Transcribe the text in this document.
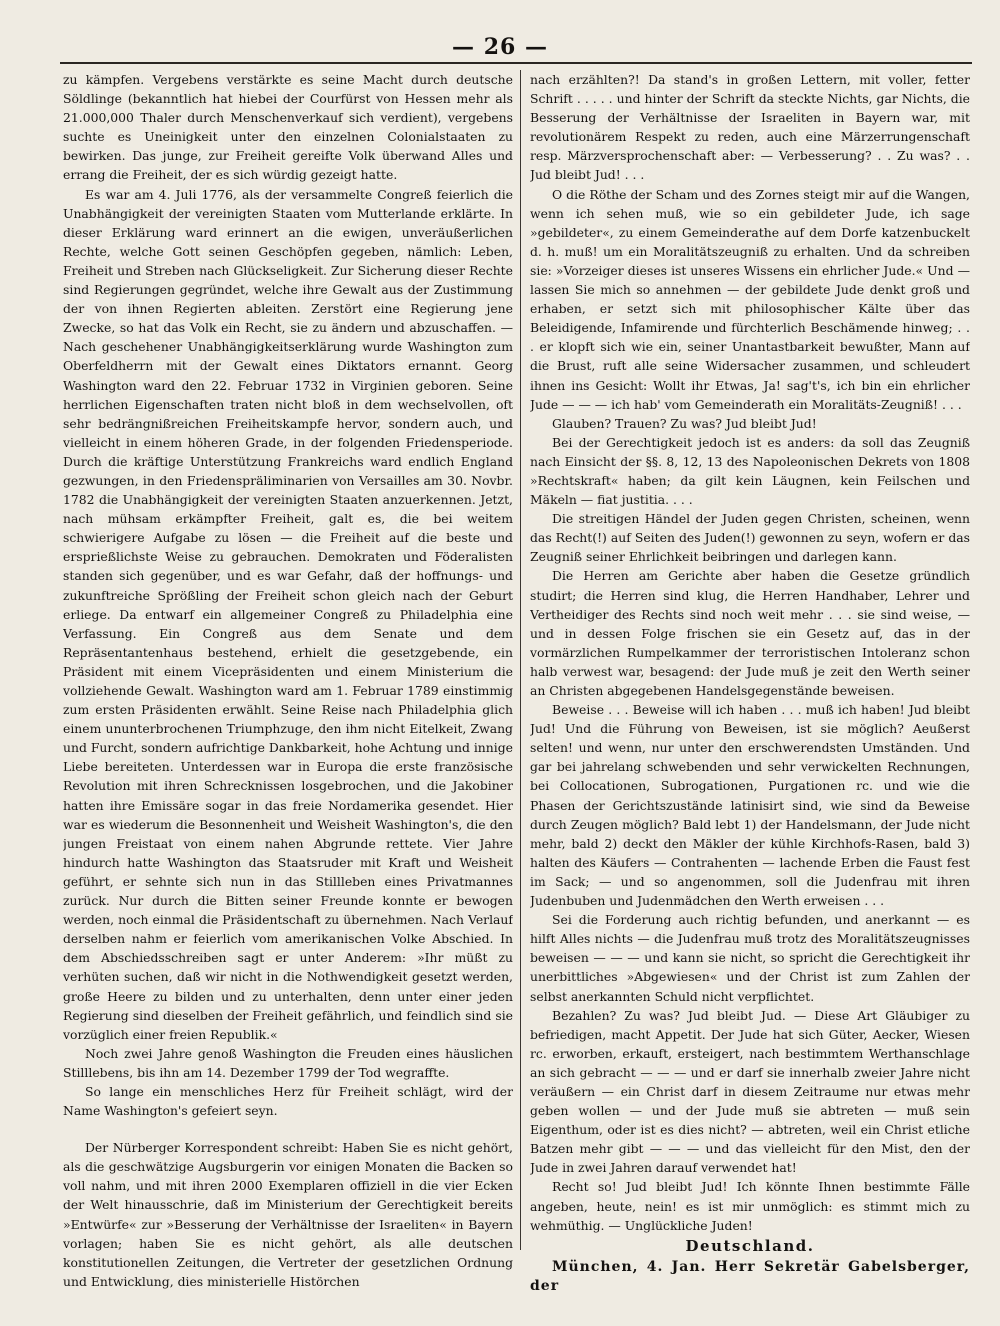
— 26 —

zu kämpfen. Vergebens verstärkte es seine Macht durch deutsche Söldlinge (bekanntlich hat hiebei der Courfürst von Hessen mehr als 21.000,000 Thaler durch Menschenverkauf sich verdient), vergebens suchte es Uneinigkeit unter den einzelnen Colonialstaaten zu bewirken. Das junge, zur Freiheit gereifte Volk überwand Alles und errang die Freiheit, der es sich würdig gezeigt hatte.

Es war am 4. Juli 1776, als der versammelte Congreß feierlich die Unabhängigkeit der vereinigten Staaten vom Mutterlande erklärte. In dieser Erklärung ward erinnert an die ewigen, unveräußerlichen Rechte, welche Gott seinen Geschöpfen gegeben, nämlich: Leben, Freiheit und Streben nach Glückseligkeit. Zur Sicherung dieser Rechte sind Regierungen gegründet, welche ihre Gewalt aus der Zustimmung der von ihnen Regierten ableiten. Zerstört eine Regierung jene Zwecke, so hat das Volk ein Recht, sie zu ändern und abzuschaffen. — Nach geschehener Unabhängigkeitserklärung wurde Washington zum Oberfeldherrn mit der Gewalt eines Diktators ernannt. Georg Washington ward den 22. Februar 1732 in Virginien geboren. Seine herrlichen Eigenschaften traten nicht bloß in dem wechselvollen, oft sehr bedrängnißreichen Freiheitskampfe hervor, sondern auch, und vielleicht in einem höheren Grade, in der folgenden Friedensperiode. Durch die kräftige Unterstützung Frankreichs ward endlich England gezwungen, in den Friedenspräliminarien von Versailles am 30. Novbr. 1782 die Unabhängigkeit der vereinigten Staaten anzuerkennen. Jetzt, nach mühsam erkämpfter Freiheit, galt es, die bei weitem schwierigere Aufgabe zu lösen — die Freiheit auf die beste und ersprießlichste Weise zu gebrauchen. Demokraten und Föderalisten standen sich gegenüber, und es war Gefahr, daß der hoffnungs- und zukunftreiche Sprößling der Freiheit schon gleich nach der Geburt erliege. Da entwarf ein allgemeiner Congreß zu Philadelphia eine Verfassung. Ein Congreß aus dem Senate und dem Repräsentantenhaus bestehend, erhielt die gesetzgebende, ein Präsident mit einem Vicepräsidenten und einem Ministerium die vollziehende Gewalt. Washington ward am 1. Februar 1789 einstimmig zum ersten Präsidenten erwählt. Seine Reise nach Philadelphia glich einem ununterbrochenen Triumphzuge, den ihm nicht Eitelkeit, Zwang und Furcht, sondern aufrichtige Dankbarkeit, hohe Achtung und innige Liebe bereiteten. Unterdessen war in Europa die erste französische Revolution mit ihren Schrecknissen losgebrochen, und die Jakobiner hatten ihre Emissäre sogar in das freie Nordamerika gesendet. Hier war es wiederum die Besonnenheit und Weisheit Washington's, die den jungen Freistaat von einem nahen Abgrunde rettete. Vier Jahre hindurch hatte Washington das Staatsruder mit Kraft und Weisheit geführt, er sehnte sich nun in das Stillleben eines Privatmannes zurück. Nur durch die Bitten seiner Freunde konnte er bewogen werden, noch einmal die Präsidentschaft zu übernehmen. Nach Verlauf derselben nahm er feierlich vom amerikanischen Volke Abschied. In dem Abschiedsschreiben sagt er unter Anderem: »Ihr müßt zu verhüten suchen, daß wir nicht in die Nothwendigkeit gesetzt werden, große Heere zu bilden und zu unterhalten, denn unter einer jeden Regierung sind dieselben der Freiheit gefährlich, und feindlich sind sie vorzüglich einer freien Republik.«

Noch zwei Jahre genoß Washington die Freuden eines häuslichen Stilllebens, bis ihn am 14. Dezember 1799 der Tod wegraffte.

So lange ein menschliches Herz für Freiheit schlägt, wird der Name Washington's gefeiert seyn.

Der Nürberger Korrespondent schreibt: Haben Sie es nicht gehört, als die geschwätzige Augsburgerin vor einigen Monaten die Backen so voll nahm, und mit ihren 2000 Exemplaren offiziell in die vier Ecken der Welt hinausschrie, daß im Ministerium der Gerechtigkeit bereits »Entwürfe« zur »Besserung der Verhältnisse der Israeliten« in Bayern vorlagen; haben Sie es nicht gehört, als alle deutschen konstitutionellen Zeitungen, die Vertreter der gesetzlichen Ordnung und Entwicklung, dies ministerielle Histörchen

nach erzählten?! Da stand's in großen Lettern, mit voller, fetter Schrift . . . . . und hinter der Schrift da steckte Nichts, gar Nichts, die Besserung der Verhältnisse der Israeliten in Bayern war, mit revolutionärem Respekt zu reden, auch eine Märzerrungenschaft resp. Märzversprochenschaft aber: — Verbesserung? . . Zu was? . . Jud bleibt Jud! . . .

O die Röthe der Scham und des Zornes steigt mir auf die Wangen, wenn ich sehen muß, wie so ein gebildeter Jude, ich sage »gebildeter«, zu einem Gemeinderathe auf dem Dorfe katzenbuckelt d. h. muß! um ein Moralitätszeugniß zu erhalten. Und da schreiben sie: »Vorzeiger dieses ist unseres Wissens ein ehrlicher Jude.« Und — lassen Sie mich so annehmen — der gebildete Jude denkt groß und erhaben, er setzt sich mit philosophischer Kälte über das Beleidigende, Infamirende und fürchterlich Beschämende hinweg; . . . er klopft sich wie ein, seiner Unantastbarkeit bewußter, Mann auf die Brust, ruft alle seine Widersacher zusammen, und schleudert ihnen ins Gesicht: Wollt ihr Etwas, Ja! sag't's, ich bin ein ehrlicher Jude — — — ich hab' vom Gemeinderath ein Moralitäts-Zeugniß! . . .

Glauben? Trauen? Zu was? Jud bleibt Jud!

Bei der Gerechtigkeit jedoch ist es anders: da soll das Zeugniß nach Einsicht der §§. 8, 12, 13 des Napoleonischen Dekrets von 1808 »Rechtskraft« haben; da gilt kein Läugnen, kein Feilschen und Mäkeln — fiat justitia. . . .

Die streitigen Händel der Juden gegen Christen, scheinen, wenn das Recht(!) auf Seiten des Juden(!) gewonnen zu seyn, wofern er das Zeugniß seiner Ehrlichkeit beibringen und darlegen kann.

Die Herren am Gerichte aber haben die Gesetze gründlich studirt; die Herren sind klug, die Herren Handhaber, Lehrer und Vertheidiger des Rechts sind noch weit mehr . . . sie sind weise, — und in dessen Folge frischen sie ein Gesetz auf, das in der vormärzlichen Rumpelkammer der terroristischen Intoleranz schon halb verwest war, besagend: der Jude muß je zeit den Werth seiner an Christen abgegebenen Handelsgegenstände beweisen.

Beweise . . . Beweise will ich haben . . . muß ich haben! Jud bleibt Jud! Und die Führung von Beweisen, ist sie möglich? Aeußerst selten! und wenn, nur unter den erschwerendsten Umständen. Und gar bei jahrelang schwebenden und sehr verwickelten Rechnungen, bei Collocationen, Subrogationen, Purgationen rc. und wie die Phasen der Gerichtszustände latinisirt sind, wie sind da Beweise durch Zeugen möglich? Bald lebt 1) der Handelsmann, der Jude nicht mehr, bald 2) deckt den Mäkler der kühle Kirchhofs-Rasen, bald 3) halten des Käufers — Contrahenten — lachende Erben die Faust fest im Sack; — und so angenommen, soll die Judenfrau mit ihren Judenbuben und Judenmädchen den Werth erweisen . . .

Sei die Forderung auch richtig befunden, und anerkannt — es hilft Alles nichts — die Judenfrau muß trotz des Moralitätszeugnisses beweisen — — — und kann sie nicht, so spricht die Gerechtigkeit ihr unerbittliches »Abgewiesen« und der Christ ist zum Zahlen der selbst anerkannten Schuld nicht verpflichtet.

Bezahlen? Zu was? Jud bleibt Jud. — Diese Art Gläubiger zu befriedigen, macht Appetit. Der Jude hat sich Güter, Aecker, Wiesen rc. erworben, erkauft, ersteigert, nach bestimmtem Werthanschlage an sich gebracht — — — und er darf sie innerhalb zweier Jahre nicht veräußern — ein Christ darf in diesem Zeitraume nur etwas mehr geben wollen — und der Jude muß sie abtreten — muß sein Eigenthum, oder ist es dies nicht? — abtreten, weil ein Christ etliche Batzen mehr gibt — — — und das vielleicht für den Mist, den der Jude in zwei Jahren darauf verwendet hat!

Recht so! Jud bleibt Jud! Ich könnte Ihnen bestimmte Fälle angeben, heute, nein! es ist mir unmöglich: es stimmt mich zu wehmüthig. — Unglückliche Juden!

Deutschland.

München, 4. Jan. Herr Sekretär Gabelsberger, der
